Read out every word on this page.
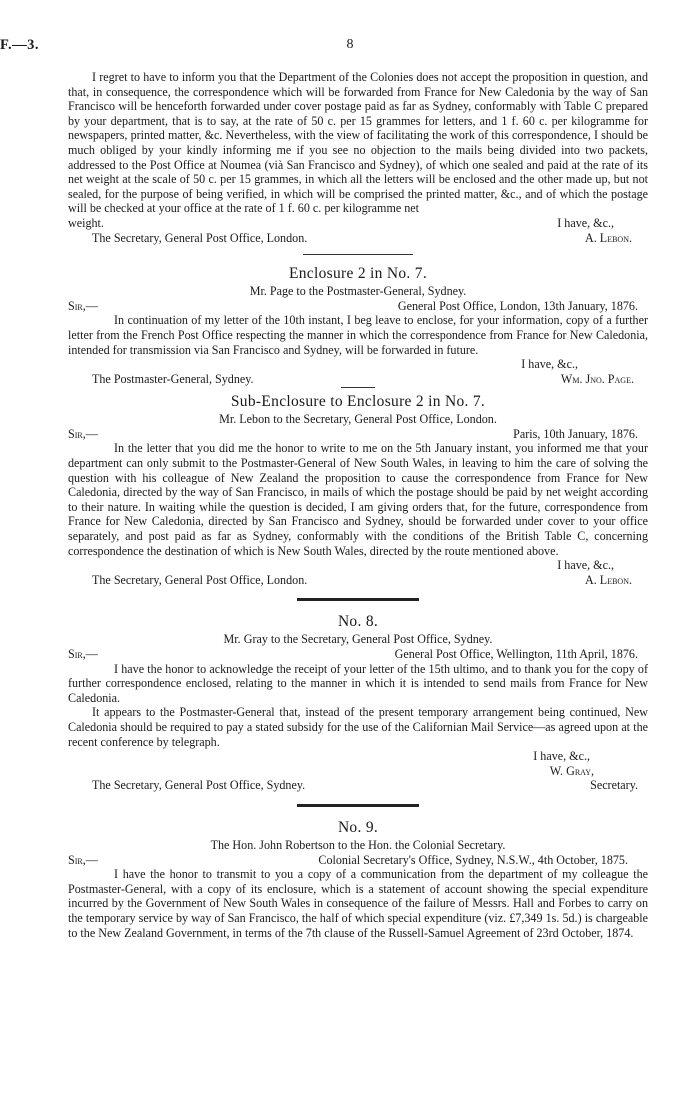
F.—3.	8

I regret to have to inform you that the Department of the Colonies does not accept the proposition in question, and that, in consequence, the correspondence which will be forwarded from France for New Caledonia by the way of San Francisco will be henceforth forwarded under cover postage paid as far as Sydney, conformably with Table C prepared by your department, that is to say, at the rate of 50 c. per 15 grammes for letters, and 1 f. 60 c. per kilogramme for newspapers, printed matter, &c. Nevertheless, with the view of facilitating the work of this correspondence, I should be much obliged by your kindly informing me if you see no objection to the mails being divided into two packets, addressed to the Post Office at Noumea (vià San Francisco and Sydney), of which one sealed and paid at the rate of its net weight at the scale of 50 c. per 15 grammes, in which all the letters will be enclosed and the other made up, but not sealed, for the purpose of being verified, in which will be comprised the printed matter, &c., and of which the postage will be checked at your office at the rate of 1 f. 60 c. per kilogramme net

weight.	I have, &c.,
The Secretary, General Post Office, London.	A. Lebon.
Enclosure 2 in No. 7.
Mr. Page to the Postmaster-General, Sydney.
Sir,—	General Post Office, London, 13th January, 1876.

In continuation of my letter of the 10th instant, I beg leave to enclose, for your information, copy of a further letter from the French Post Office respecting the manner in which the correspondence from France for New Caledonia, intended for transmission via San Francisco and Sydney, will be forwarded in future.

I have, &c.,
The Postmaster-General, Sydney.	Wm. Jno. Page.
Sub-Enclosure to Enclosure 2 in No. 7.
Mr. Lebon to the Secretary, General Post Office, London.
Sir,—	Paris, 10th January, 1876.

In the letter that you did me the honor to write to me on the 5th January instant, you informed me that your department can only submit to the Postmaster-General of New South Wales, in leaving to him the care of solving the question with his colleague of New Zealand the proposition to cause the correspondence from France for New Caledonia, directed by the way of San Francisco, in mails of which the postage should be paid by net weight according to their nature. In waiting while the question is decided, I am giving orders that, for the future, correspondence from France for New Caledonia, directed by San Francisco and Sydney, should be forwarded under cover to your office separately, and post paid as far as Sydney, conformably with the conditions of the British Table C, concerning correspondence the destination of which is New South Wales, directed by the route mentioned above.

I have, &c.,
The Secretary, General Post Office, London.	A. Lebon.
No. 8.
Mr. Gray to the Secretary, General Post Office, Sydney.
Sir,—	General Post Office, Wellington, 11th April, 1876.

I have the honor to acknowledge the receipt of your letter of the 15th ultimo, and to thank you for the copy of further correspondence enclosed, relating to the manner in which it is intended to send mails from France for New Caledonia.

It appears to the Postmaster-General that, instead of the present temporary arrangement being continued, New Caledonia should be required to pay a stated subsidy for the use of the Californian Mail Service—as agreed upon at the recent conference by telegraph.

I have, &c.,
W. Gray,
The Secretary, General Post Office, Sydney.	Secretary.
No. 9.
The Hon. John Robertson to the Hon. the Colonial Secretary.
Sir,—	Colonial Secretary's Office, Sydney, N.S.W., 4th October, 1875.

I have the honor to transmit to you a copy of a communication from the department of my colleague the Postmaster-General, with a copy of its enclosure, which is a statement of account showing the special expenditure incurred by the Government of New South Wales in consequence of the failure of Messrs. Hall and Forbes to carry on the temporary service by way of San Francisco, the half of which special expenditure (viz. £7,349 1s. 5d.) is chargeable to the New Zealand Government, in terms of the 7th clause of the Russell-Samuel Agreement of 23rd October, 1874.
